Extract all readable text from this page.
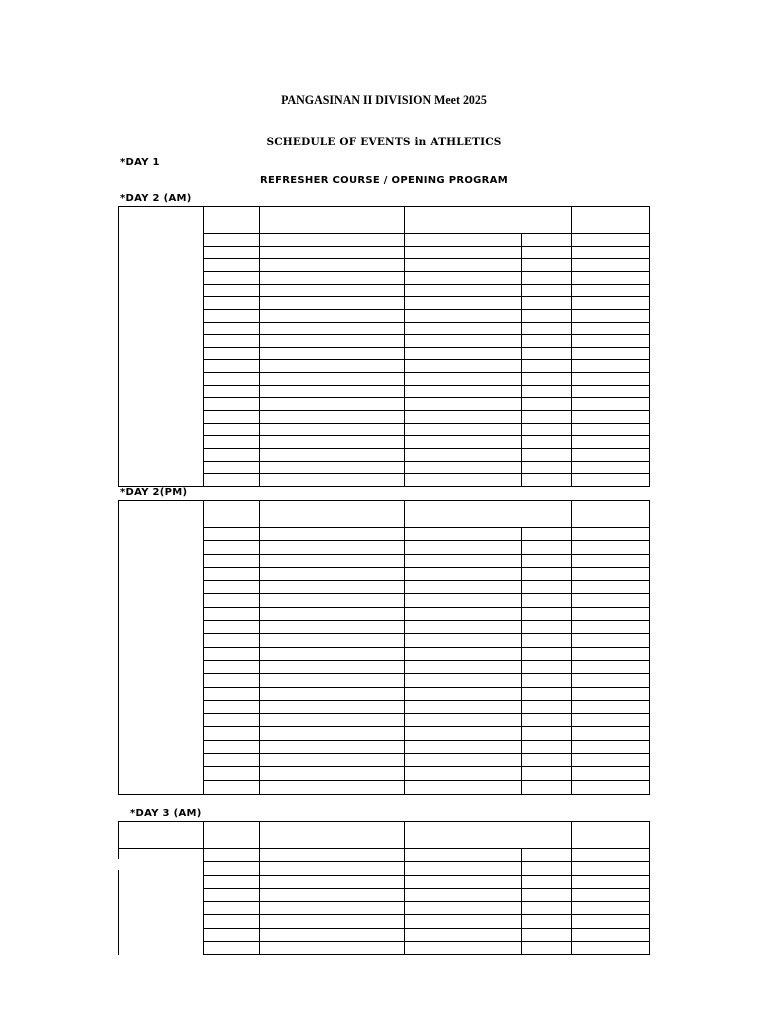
PANGASINAN II DIVISION Meet 2025
SCHEDULE OF EVENTS in ATHLETICS
*DAY 1
REFRESHER COURSE / OPENING PROGRAM
*DAY 2 (AM)
*DAY 2(PM)
*DAY 3 (AM)
